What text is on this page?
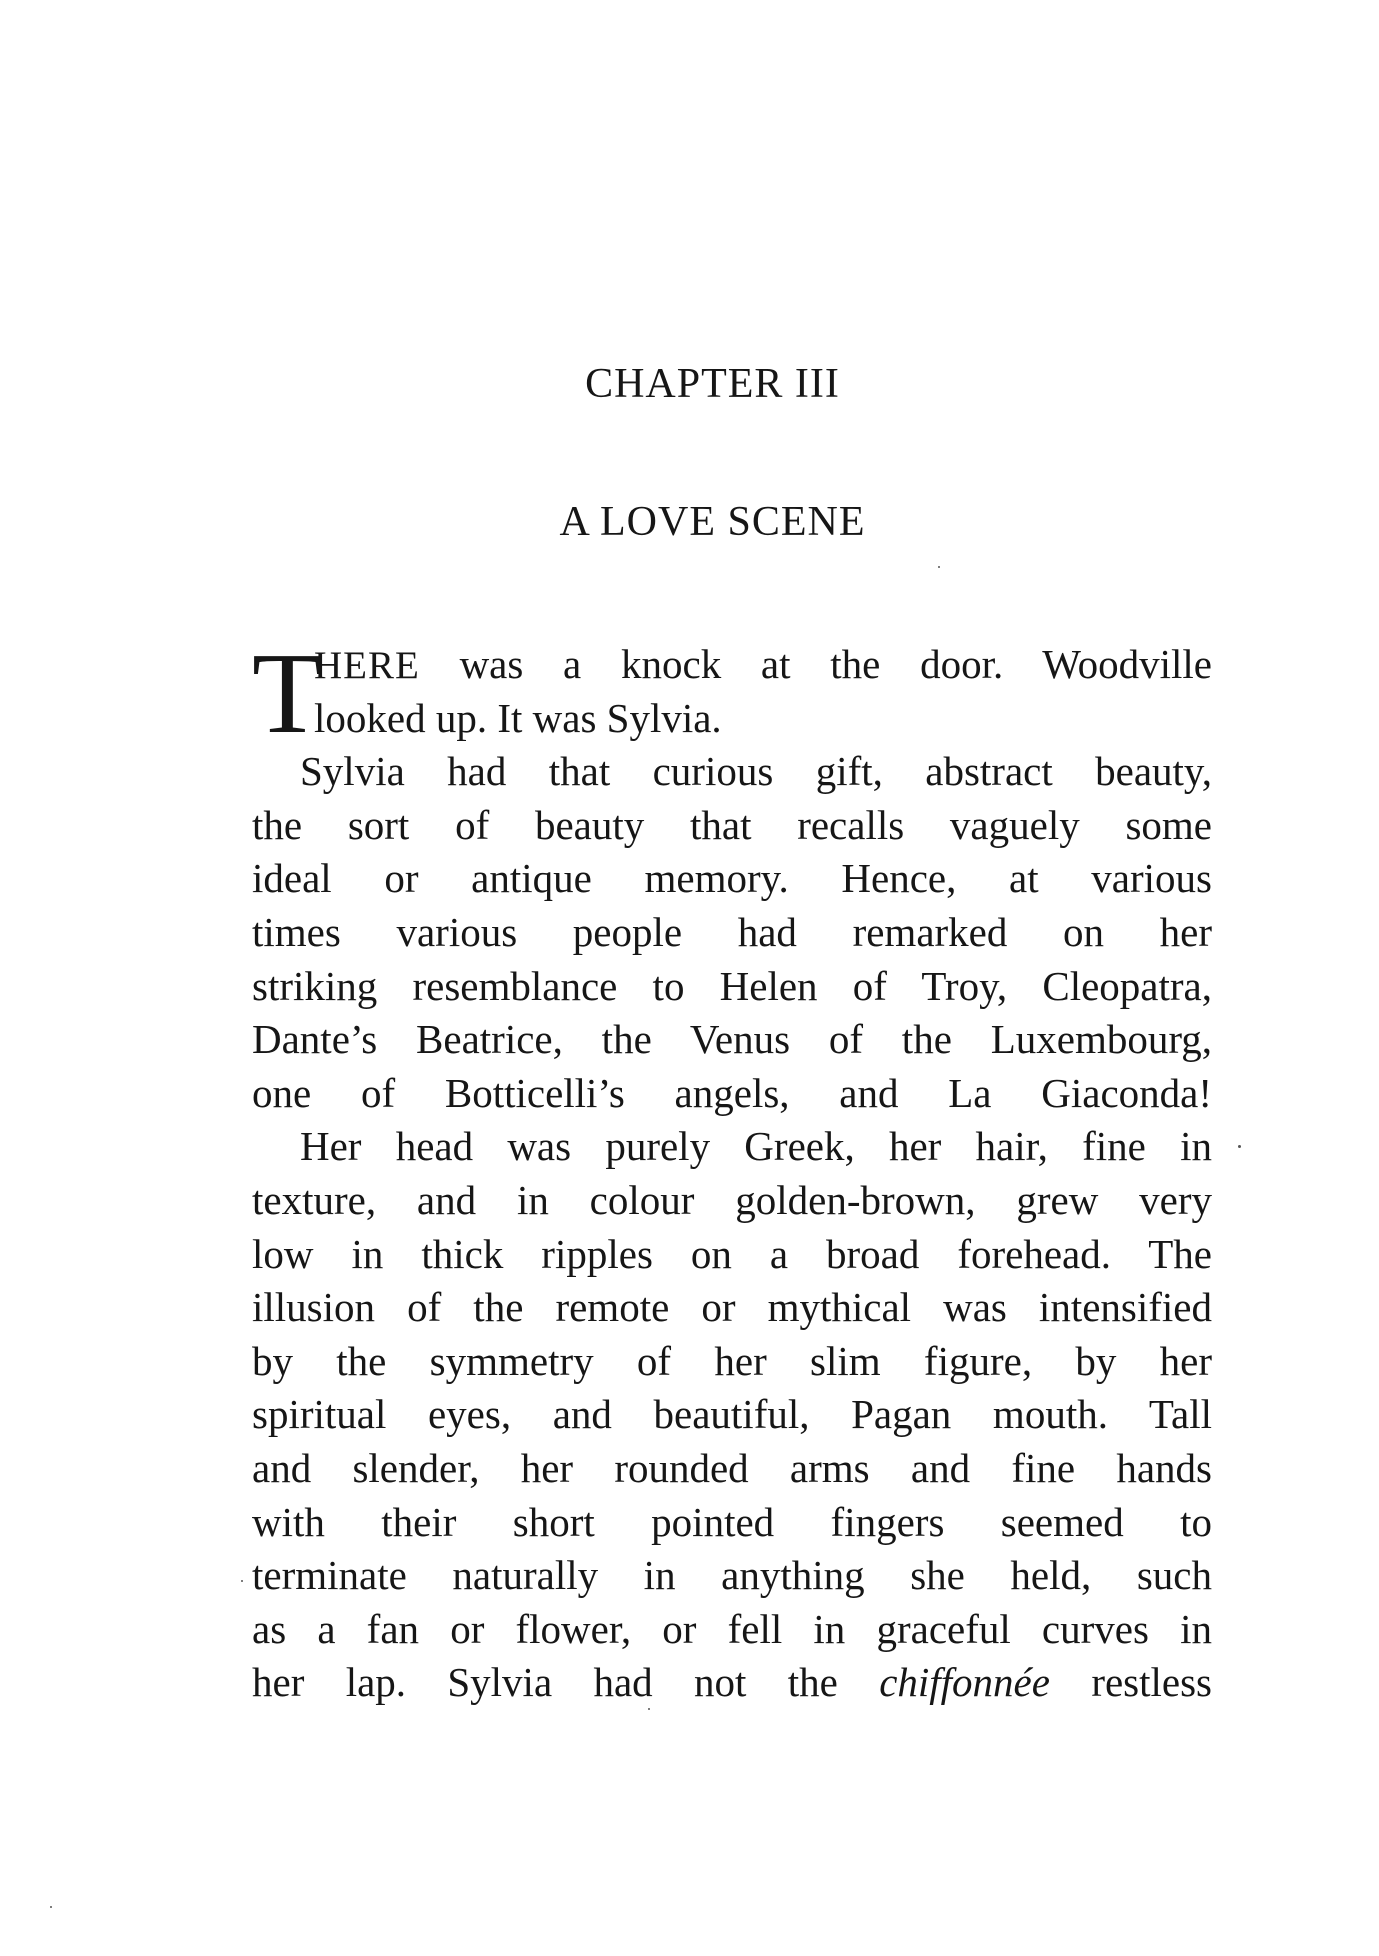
CHAPTER III
A LOVE SCENE
T
HERE was a knock at the door. Woodville
looked up. It was Sylvia.
Sylvia had that curious gift, abstract beauty,
the sort of beauty that recalls vaguely some
ideal or antique memory. Hence, at various
times various people had remarked on her
striking resemblance to Helen of Troy, Cleopatra,
Dante’s Beatrice, the Venus of the Luxembourg,
one of Botticelli’s angels, and La Giaconda!
Her head was purely Greek, her hair, fine in
texture, and in colour golden-brown, grew very
low in thick ripples on a broad forehead. The
illusion of the remote or mythical was intensified
by the symmetry of her slim figure, by her
spiritual eyes, and beautiful, Pagan mouth. Tall
and slender, her rounded arms and fine hands
with their short pointed fingers seemed to
terminate naturally in anything she held, such
as a fan or flower, or fell in graceful curves in
her lap. Sylvia had not the chiffonnée restless
